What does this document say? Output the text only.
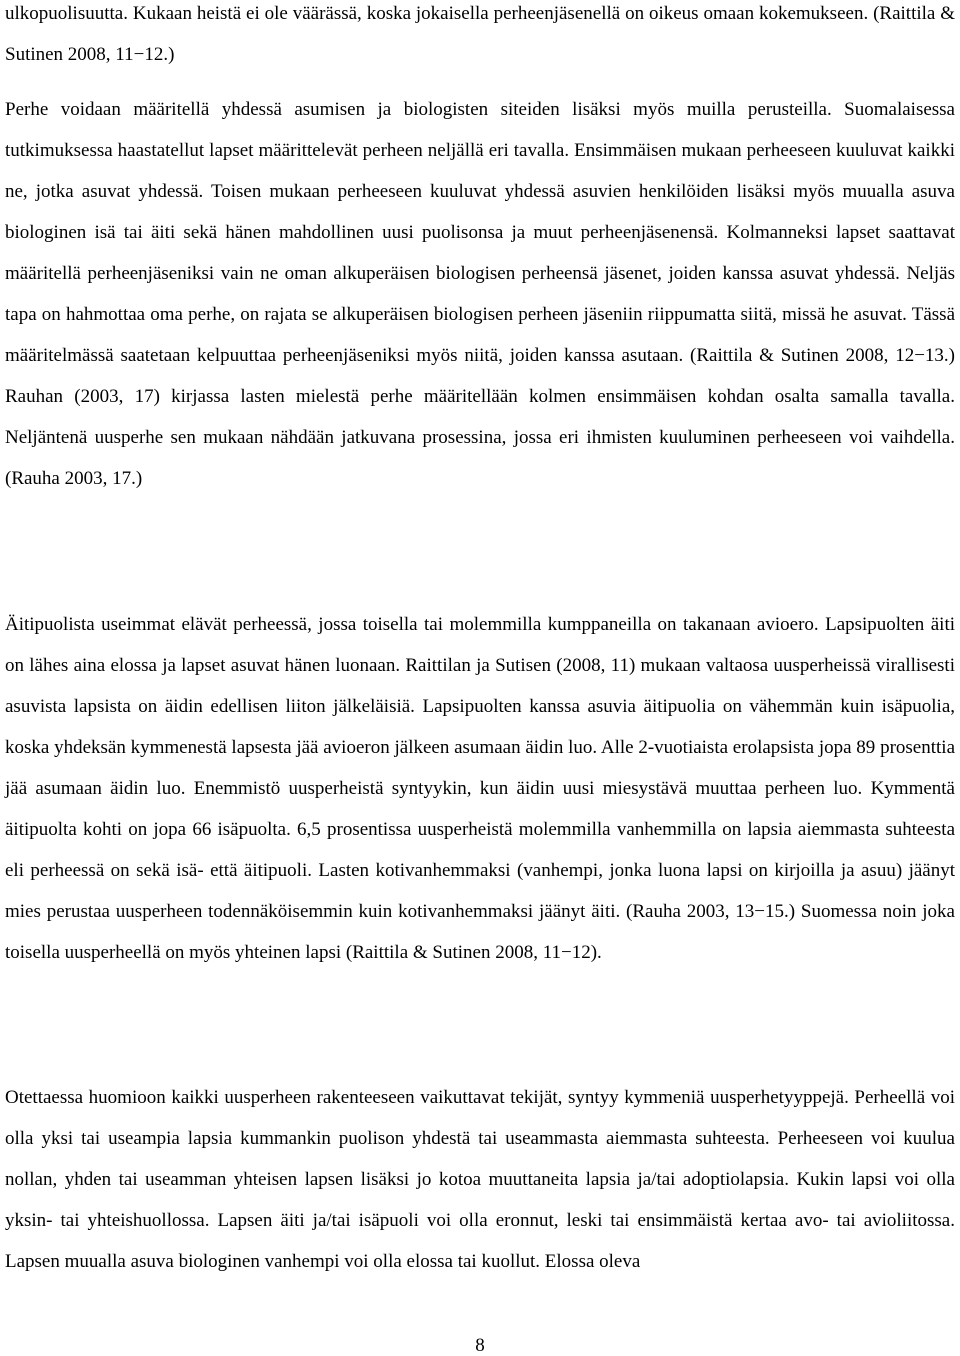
ulkopuolisuutta. Kukaan heistä ei ole väärässä, koska jokaisella perheenjäsenellä on oikeus omaan kokemukseen. (Raittila & Sutinen 2008, 11−12.)

Perhe voidaan määritellä yhdessä asumisen ja biologisten siteiden lisäksi myös muilla perusteilla. Suomalaisessa tutkimuksessa haastatellut lapset määrittelevät perheen neljällä eri tavalla. Ensimmäisen mukaan perheeseen kuuluvat kaikki ne, jotka asuvat yhdessä. Toisen mukaan perheeseen kuuluvat yhdessä asuvien henkilöiden lisäksi myös muualla asuva biologinen isä tai äiti sekä hänen mahdollinen uusi puolisonsa ja muut perheenjäsenensä. Kolmanneksi lapset saattavat määritellä perheenjäseniksi vain ne oman alkuperäisen biologisen perheensä jäsenet, joiden kanssa asuvat yhdessä. Neljäs tapa on hahmottaa oma perhe, on rajata se alkuperäisen biologisen perheen jäseniin riippumatta siitä, missä he asuvat. Tässä määritelmässä saatetaan kelpuuttaa perheenjäseniksi myös niitä, joiden kanssa asutaan. (Raittila & Sutinen 2008, 12−13.) Rauhan (2003, 17) kirjassa lasten mielestä perhe määritellään kolmen ensimmäisen kohdan osalta samalla tavalla. Neljäntenä uusperhe sen mukaan nähdään jatkuvana prosessina, jossa eri ihmisten kuuluminen perheeseen voi vaihdella. (Rauha 2003, 17.)

Äitipuolista useimmat elävät perheessä, jossa toisella tai molemmilla kumppaneilla on takanaan avioero. Lapsipuolten äiti on lähes aina elossa ja lapset asuvat hänen luonaan. Raittilan ja Sutisen (2008, 11) mukaan valtaosa uusperheissä virallisesti asuvista lapsista on äidin edellisen liiton jälkeläisiä. Lapsipuolten kanssa asuvia äitipuolia on vähemmän kuin isäpuolia, koska yhdeksän kymmenestä lapsesta jää avioeron jälkeen asumaan äidin luo. Alle 2-vuotiaista erolapsista jopa 89 prosenttia jää asumaan äidin luo. Enemmistö uusperheistä syntyykin, kun äidin uusi miesystävä muuttaa perheen luo. Kymmentä äitipuolta kohti on jopa 66 isäpuolta. 6,5 prosentissa uusperheistä molemmilla vanhemmilla on lapsia aiemmasta suhteesta eli perheessä on sekä isä- että äitipuoli. Lasten kotivanhemmaksi (vanhempi, jonka luona lapsi on kirjoilla ja asuu) jäänyt mies perustaa uusperheen todennäköisemmin kuin kotivanhemmaksi jäänyt äiti. (Rauha 2003, 13−15.) Suomessa noin joka toisella uusperheellä on myös yhteinen lapsi (Raittila & Sutinen 2008, 11−12).

Otettaessa huomioon kaikki uusperheen rakenteeseen vaikuttavat tekijät, syntyy kymmeniä uusperhetyyppejä. Perheellä voi olla yksi tai useampia lapsia kummankin puolison yhdestä tai useammasta aiemmasta suhteesta. Perheeseen voi kuulua nollan, yhden tai useamman yhteisen lapsen lisäksi jo kotoa muuttaneita lapsia ja/tai adoptiolapsia. Kukin lapsi voi olla yksin- tai yhteishuollossa. Lapsen äiti ja/tai isäpuoli voi olla eronnut, leski tai ensimmäistä kertaa avo- tai avioliitossa. Lapsen muualla asuva biologinen vanhempi voi olla elossa tai kuollut. Elossa oleva

8
